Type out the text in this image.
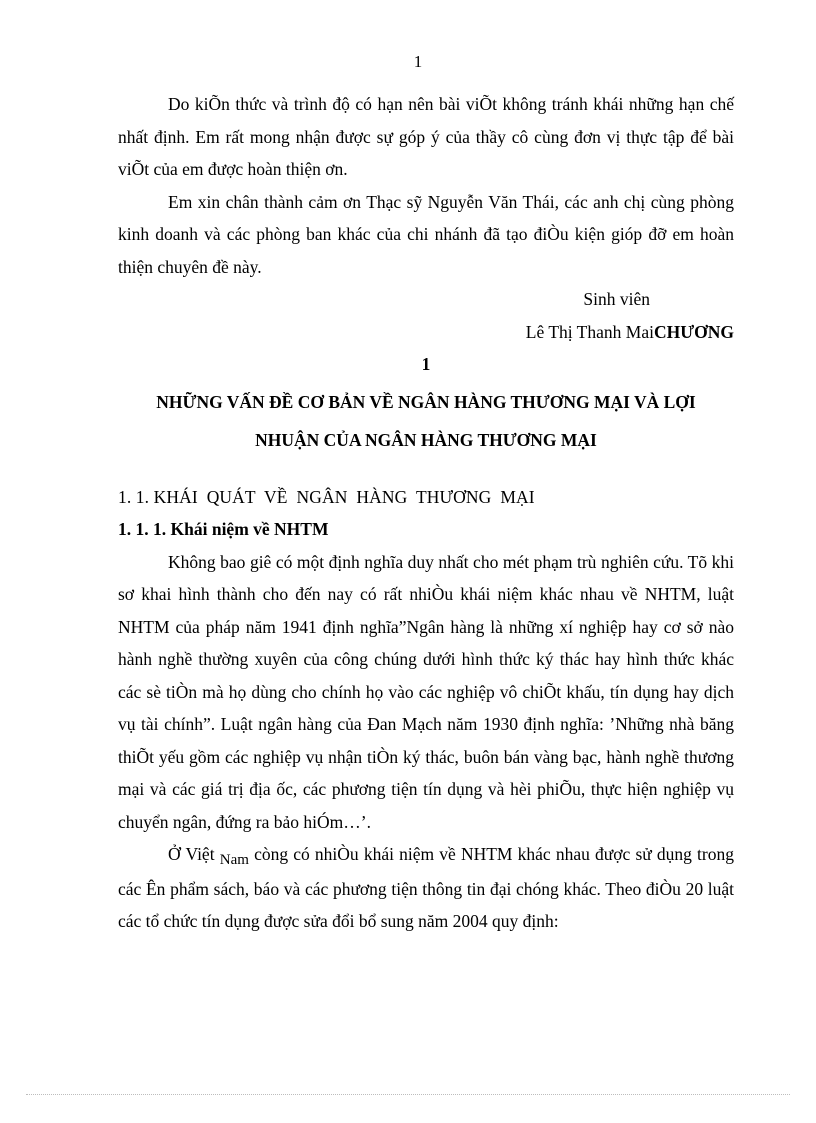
1

Do kiÕn thức và trình độ có hạn nên bài viÕt không tránh khái những hạn chế nhất định. Em rất mong nhận được sự góp ý của thầy cô cùng đơn vị thực tập để bài viÕt của em được hoàn thiện ơn.

Em xin chân thành cảm ơn Thạc sỹ Nguyễn Văn Thái, các anh chị cùng phòng kinh doanh và các phòng ban khác của chi nhánh đã tạo điÒu kiện gióp đỡ em hoàn thiện chuyên đề này.

Sinh viên
Lê Thị Thanh MaiCHƯƠNG
1
NHỮNG VẤN ĐỀ CƠ BẢN VỀ NGÂN HÀNG THƯƠNG MẠI VÀ LỢI
NHUẬN CỦA NGÂN HÀNG THƯƠNG MẠI
1. 1. KHÁI  QUÁT  VỀ  NGÂN  HÀNG  THƯƠNG  MẠI
1. 1. 1. Khái niệm về NHTM

Không bao giê có một định nghĩa duy nhất cho mét phạm trù nghiên cứu. Tõ khi sơ khai hình thành cho đến nay có rất nhiÒu khái niệm khác nhau về NHTM, luật NHTM của pháp năm 1941 định nghĩa”Ngân hàng là những xí nghiệp hay cơ sở nào hành nghề thường xuyên của công chúng dưới hình thức ký thác hay hình thức khác các sè tiÒn mà họ dùng cho chính họ vào các nghiệp vô chiÕt khấu, tín dụng hay dịch vụ tài chính”. Luật ngân hàng của Đan Mạch năm 1930 định nghĩa: ’Những nhà băng thiÕt yếu gồm các nghiệp vụ nhận tiÒn ký thác, buôn bán vàng bạc, hành nghề thương mại và các giá trị địa ốc, các phương tiện tín dụng và hèi phiÕu, thực hiện nghiệp vụ chuyển ngân, đứng ra bảo hiÓm…’.

Ở Việt Nam còng có nhiÒu khái niệm về NHTM khác nhau được sử dụng trong các Ên phẩm sách, báo và các phương tiện thông tin đại chóng khác. Theo điÒu 20 luật các tổ chức tín dụng được sửa đổi bổ sung năm 2004 quy định:
